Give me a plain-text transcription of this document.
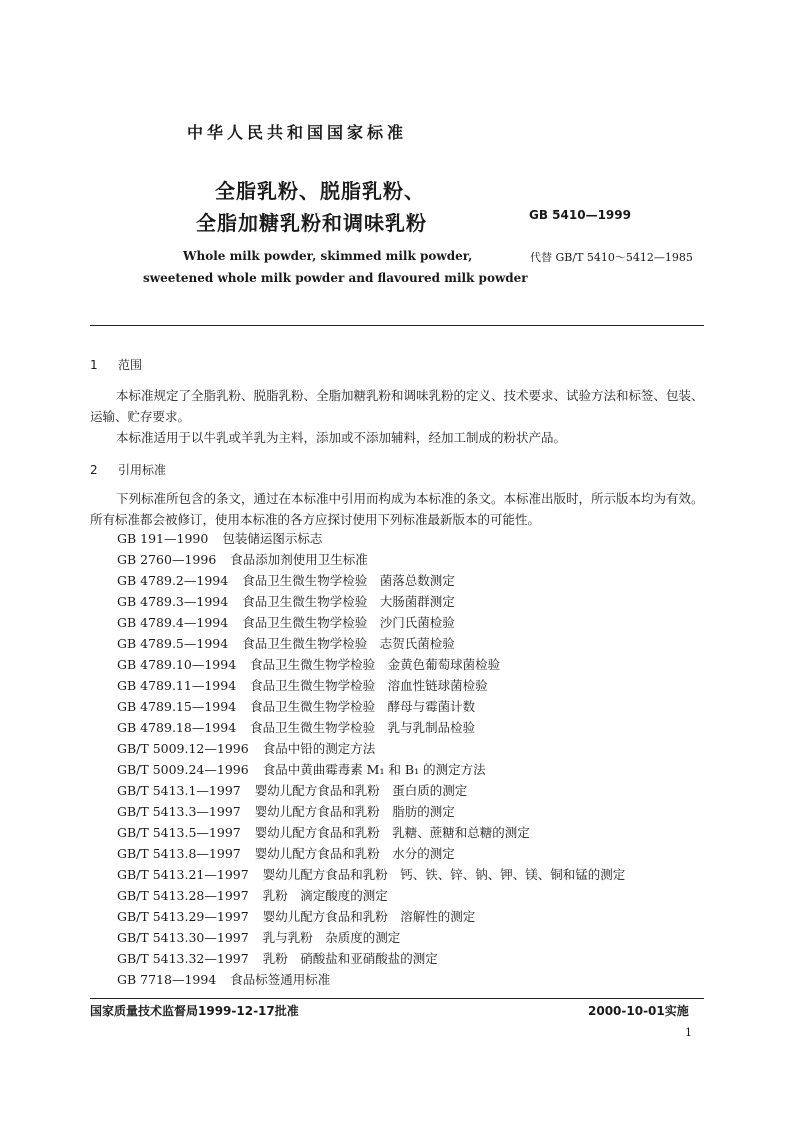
中华人民共和国国家标准
全脂乳粉、脱脂乳粉、
全脂加糖乳粉和调味乳粉	GB 5410—1999
Whole milk powder, skimmed milk powder,
sweetened whole milk powder and flavoured milk powder
代替 GB/T 5410～5412—1985
1 范围
本标准规定了全脂乳粉、脱脂乳粉、全脂加糖乳粉和调味乳粉的定义、技术要求、试验方法和标签、包装、运输、贮存要求。
本标准适用于以牛乳或羊乳为主料，添加或不添加辅料，经加工制成的粉状产品。
2 引用标准
下列标准所包含的条文，通过在本标准中引用而构成为本标准的条文。本标准出版时，所示版本均为有效。所有标准都会被修订，使用本标准的各方应探讨使用下列标准最新版本的可能性。
GB 191—1990 包装储运图示标志
GB 2760—1996 食品添加剂使用卫生标准
GB 4789.2—1994 食品卫生微生物学检验　菌落总数测定
GB 4789.3—1994 食品卫生微生物学检验　大肠菌群测定
GB 4789.4—1994 食品卫生微生物学检验　沙门氏菌检验
GB 4789.5—1994 食品卫生微生物学检验　志贺氏菌检验
GB 4789.10—1994 食品卫生微生物学检验　金黄色葡萄球菌检验
GB 4789.11—1994 食品卫生微生物学检验　溶血性链球菌检验
GB 4789.15—1994 食品卫生微生物学检验　酵母与霉菌计数
GB 4789.18—1994 食品卫生微生物学检验　乳与乳制品检验
GB/T 5009.12—1996 食品中铅的测定方法
GB/T 5009.24—1996 食品中黄曲霉毒素 M₁ 和 B₁ 的测定方法
GB/T 5413.1—1997 婴幼儿配方食品和乳粉　蛋白质的测定
GB/T 5413.3—1997 婴幼儿配方食品和乳粉　脂肪的测定
GB/T 5413.5—1997 婴幼儿配方食品和乳粉　乳糖、蔗糖和总糖的测定
GB/T 5413.8—1997 婴幼儿配方食品和乳粉　水分的测定
GB/T 5413.21—1997 婴幼儿配方食品和乳粉　钙、铁、锌、钠、钾、镁、铜和锰的测定
GB/T 5413.28—1997 乳粉　滴定酸度的测定
GB/T 5413.29—1997 婴幼儿配方食品和乳粉　溶解性的测定
GB/T 5413.30—1997 乳与乳粉　杂质度的测定
GB/T 5413.32—1997 乳粉　硝酸盐和亚硝酸盐的测定
GB 7718—1994 食品标签通用标准
国家质量技术监督局1999-12-17批准	2000-10-01实施
1
